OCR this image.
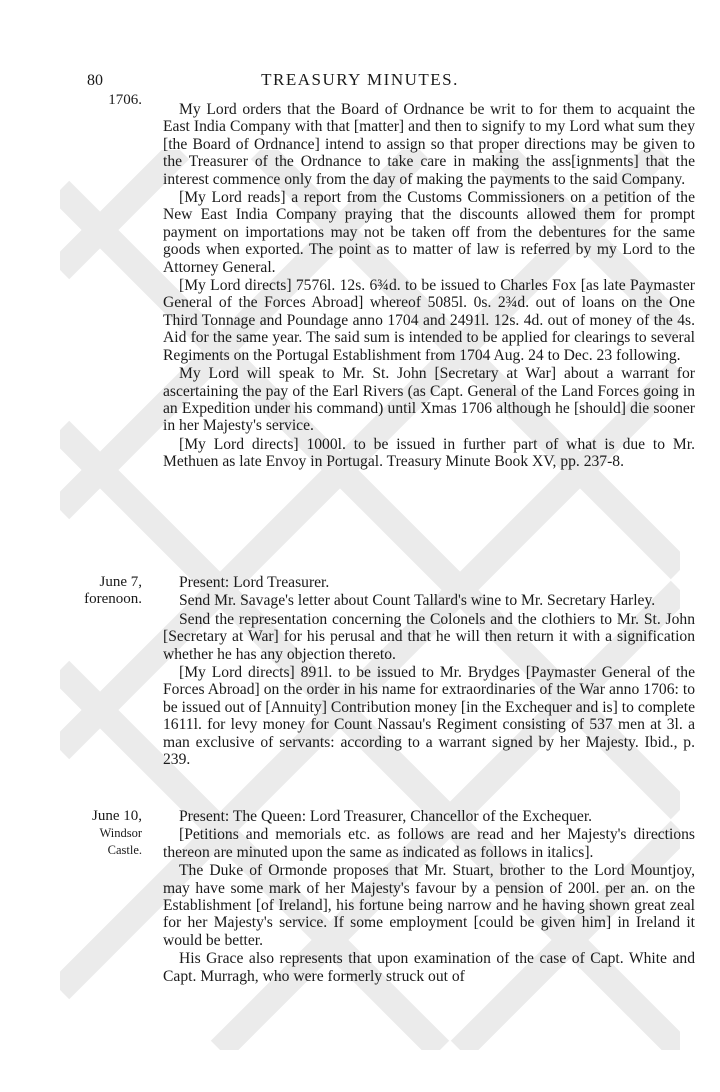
80	TREASURY MINUTES.
1706.

My Lord orders that the Board of Ordnance be writ to for them to acquaint the East India Company with that [matter] and then to signify to my Lord what sum they [the Board of Ordnance] intend to assign so that proper directions may be given to the Treasurer of the Ordnance to take care in making the ass[ignments] that the interest commence only from the day of making the payments to the said Company.

[My Lord reads] a report from the Customs Commissioners on a petition of the New East India Company praying that the discounts allowed them for prompt payment on importations may not be taken off from the debentures for the same goods when exported. The point as to matter of law is referred by my Lord to the Attorney General.

[My Lord directs] 7576l. 12s. 6¾d. to be issued to Charles Fox [as late Paymaster General of the Forces Abroad] whereof 5085l. 0s. 2¾d. out of loans on the One Third Tonnage and Poundage anno 1704 and 2491l. 12s. 4d. out of money of the 4s. Aid for the same year. The said sum is intended to be applied for clearings to several Regiments on the Portugal Establishment from 1704 Aug. 24 to Dec. 23 following.

My Lord will speak to Mr. St. John [Secretary at War] about a warrant for ascertaining the pay of the Earl Rivers (as Capt. General of the Land Forces going in an Expedition under his command) until Xmas 1706 although he [should] die sooner in her Majesty's service.

[My Lord directs] 1000l. to be issued in further part of what is due to Mr. Methuen as late Envoy in Portugal. Treasury Minute Book XV, pp. 237-8.

June 7,
forenoon.

Present: Lord Treasurer.

Send Mr. Savage's letter about Count Tallard's wine to Mr. Secretary Harley.

Send the representation concerning the Colonels and the clothiers to Mr. St. John [Secretary at War] for his perusal and that he will then return it with a signification whether he has any objection thereto.

[My Lord directs] 891l. to be issued to Mr. Brydges [Paymaster General of the Forces Abroad] on the order in his name for extraordinaries of the War anno 1706: to be issued out of [Annuity] Contribution money [in the Exchequer and is] to complete 1611l. for levy money for Count Nassau's Regiment consisting of 537 men at 3l. a man exclusive of servants: according to a warrant signed by her Majesty. Ibid., p. 239.

June 10,
Windsor
Castle.

Present: The Queen: Lord Treasurer, Chancellor of the Exchequer.

[Petitions and memorials etc. as follows are read and her Majesty's directions thereon are minuted upon the same as indicated as follows in italics].

The Duke of Ormonde proposes that Mr. Stuart, brother to the Lord Mountjoy, may have some mark of her Majesty's favour by a pension of 200l. per an. on the Establishment [of Ireland], his fortune being narrow and he having shown great zeal for her Majesty's service. If some employment [could be given him] in Ireland it would be better.

His Grace also represents that upon examination of the case of Capt. White and Capt. Murragh, who were formerly struck out of
